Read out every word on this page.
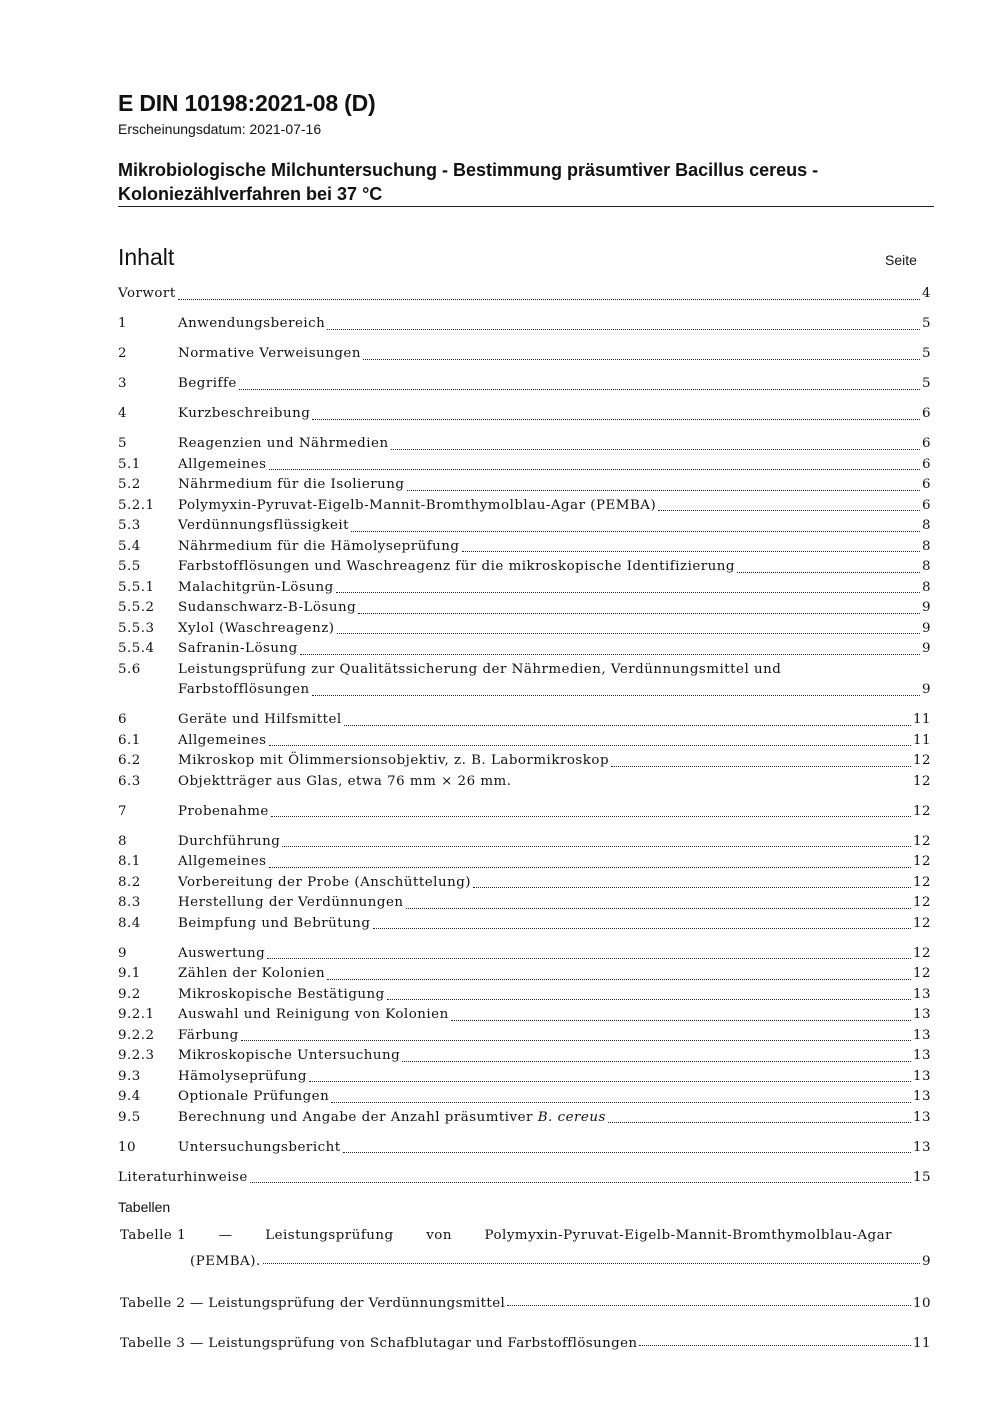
E DIN 10198:2021-08 (D)
Erscheinungsdatum: 2021-07-16
Mikrobiologische Milchuntersuchung - Bestimmung präsumtiver Bacillus cereus - Koloniezählverfahren bei 37 °C
Inhalt	Seite
Vorwort	4
1	Anwendungsbereich	5
2	Normative Verweisungen	5
3	Begriffe	5
4	Kurzbeschreibung	6
5	Reagenzien und Nährmedien	6
5.1	Allgemeines	6
5.2	Nährmedium für die Isolierung	6
5.2.1	Polymyxin-Pyruvat-Eigelb-Mannit-Bromthymolblau-Agar (PEMBA)	6
5.3	Verdünnungsflüssigkeit	8
5.4	Nährmedium für die Hämolyseprüfung	8
5.5	Farbstofflösungen und Waschreagenz für die mikroskopische Identifizierung	8
5.5.1	Malachitgrün-Lösung	8
5.5.2	Sudanschwarz-B-Lösung	9
5.5.3	Xylol (Waschreagenz)	9
5.5.4	Safranin-Lösung	9
5.6	Leistungsprüfung zur Qualitätssicherung der Nährmedien, Verdünnungsmittel und
Farbstofflösungen	9
6	Geräte und Hilfsmittel	11
6.1	Allgemeines	11
6.2	Mikroskop mit Ölimmersionsobjektiv, z. B. Labormikroskop	12
6.3	Objektträger aus Glas, etwa 76 mm × 26 mm.	12
7	Probenahme	12
8	Durchführung	12
8.1	Allgemeines	12
8.2	Vorbereitung der Probe (Anschüttelung)	12
8.3	Herstellung der Verdünnungen	12
8.4	Beimpfung und Bebrütung	12
9	Auswertung	12
9.1	Zählen der Kolonien	12
9.2	Mikroskopische Bestätigung	13
9.2.1	Auswahl und Reinigung von Kolonien	13
9.2.2	Färbung	13
9.2.3	Mikroskopische Untersuchung	13
9.3	Hämolyseprüfung	13
9.4	Optionale Prüfungen	13
9.5	Berechnung und Angabe der Anzahl präsumtiver B. cereus	13
10	Untersuchungsbericht	13
Literaturhinweise	15
Tabellen
Tabelle 1 — Leistungsprüfung von Polymyxin-Pyruvat-Eigelb-Mannit-Bromthymolblau-Agar
(PEMBA).	9
Tabelle 2 — Leistungsprüfung der Verdünnungsmittel	10
Tabelle 3 — Leistungsprüfung von Schafblutagar und Farbstofflösungen	11
